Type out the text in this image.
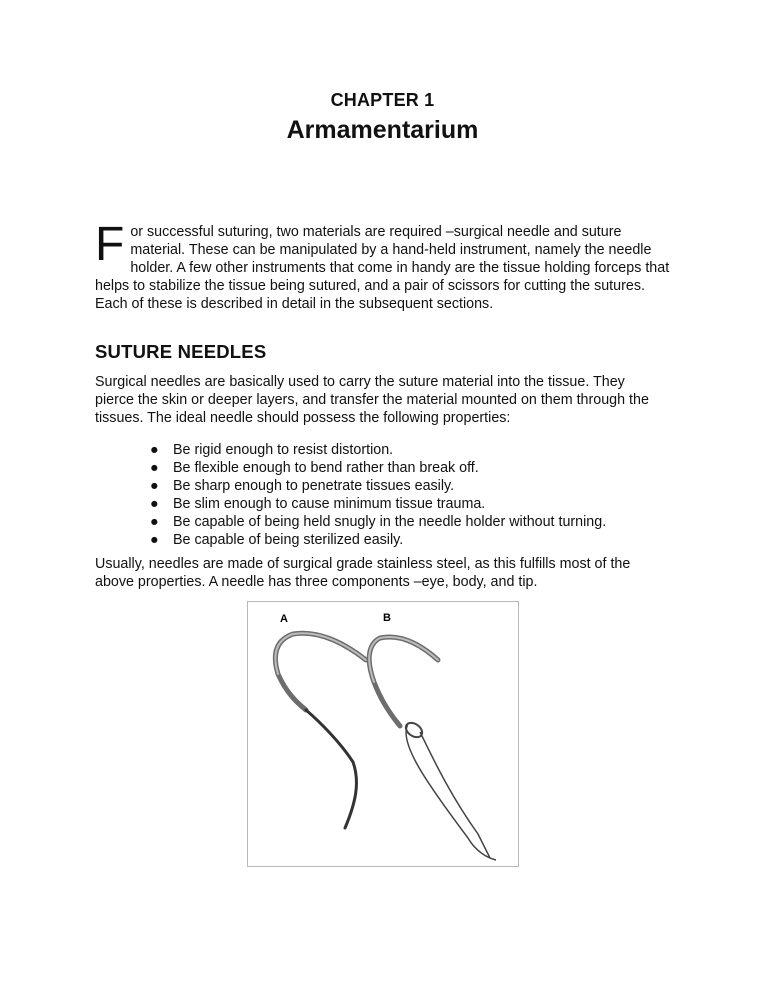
CHAPTER 1
Armamentarium
F or successful suturing, two materials are required –surgical needle and suture material. These can be manipulated by a hand-held instrument, namely the needle holder. A few other instruments that come in handy are the tissue holding forceps that helps to stabilize the tissue being sutured, and a pair of scissors for cutting the sutures. Each of these is described in detail in the subsequent sections.
SUTURE NEEDLES
Surgical needles are basically used to carry the suture material into the tissue. They pierce the skin or deeper layers, and transfer the material mounted on them through the tissues. The ideal needle should possess the following properties:
● Be rigid enough to resist distortion.
● Be flexible enough to bend rather than break off.
● Be sharp enough to penetrate tissues easily.
● Be slim enough to cause minimum tissue trauma.
● Be capable of being held snugly in the needle holder without turning.
● Be capable of being sterilized easily.
Usually, needles are made of surgical grade stainless steel, as this fulfills most of the above properties. A needle has three components –eye, body, and tip.
A	B
